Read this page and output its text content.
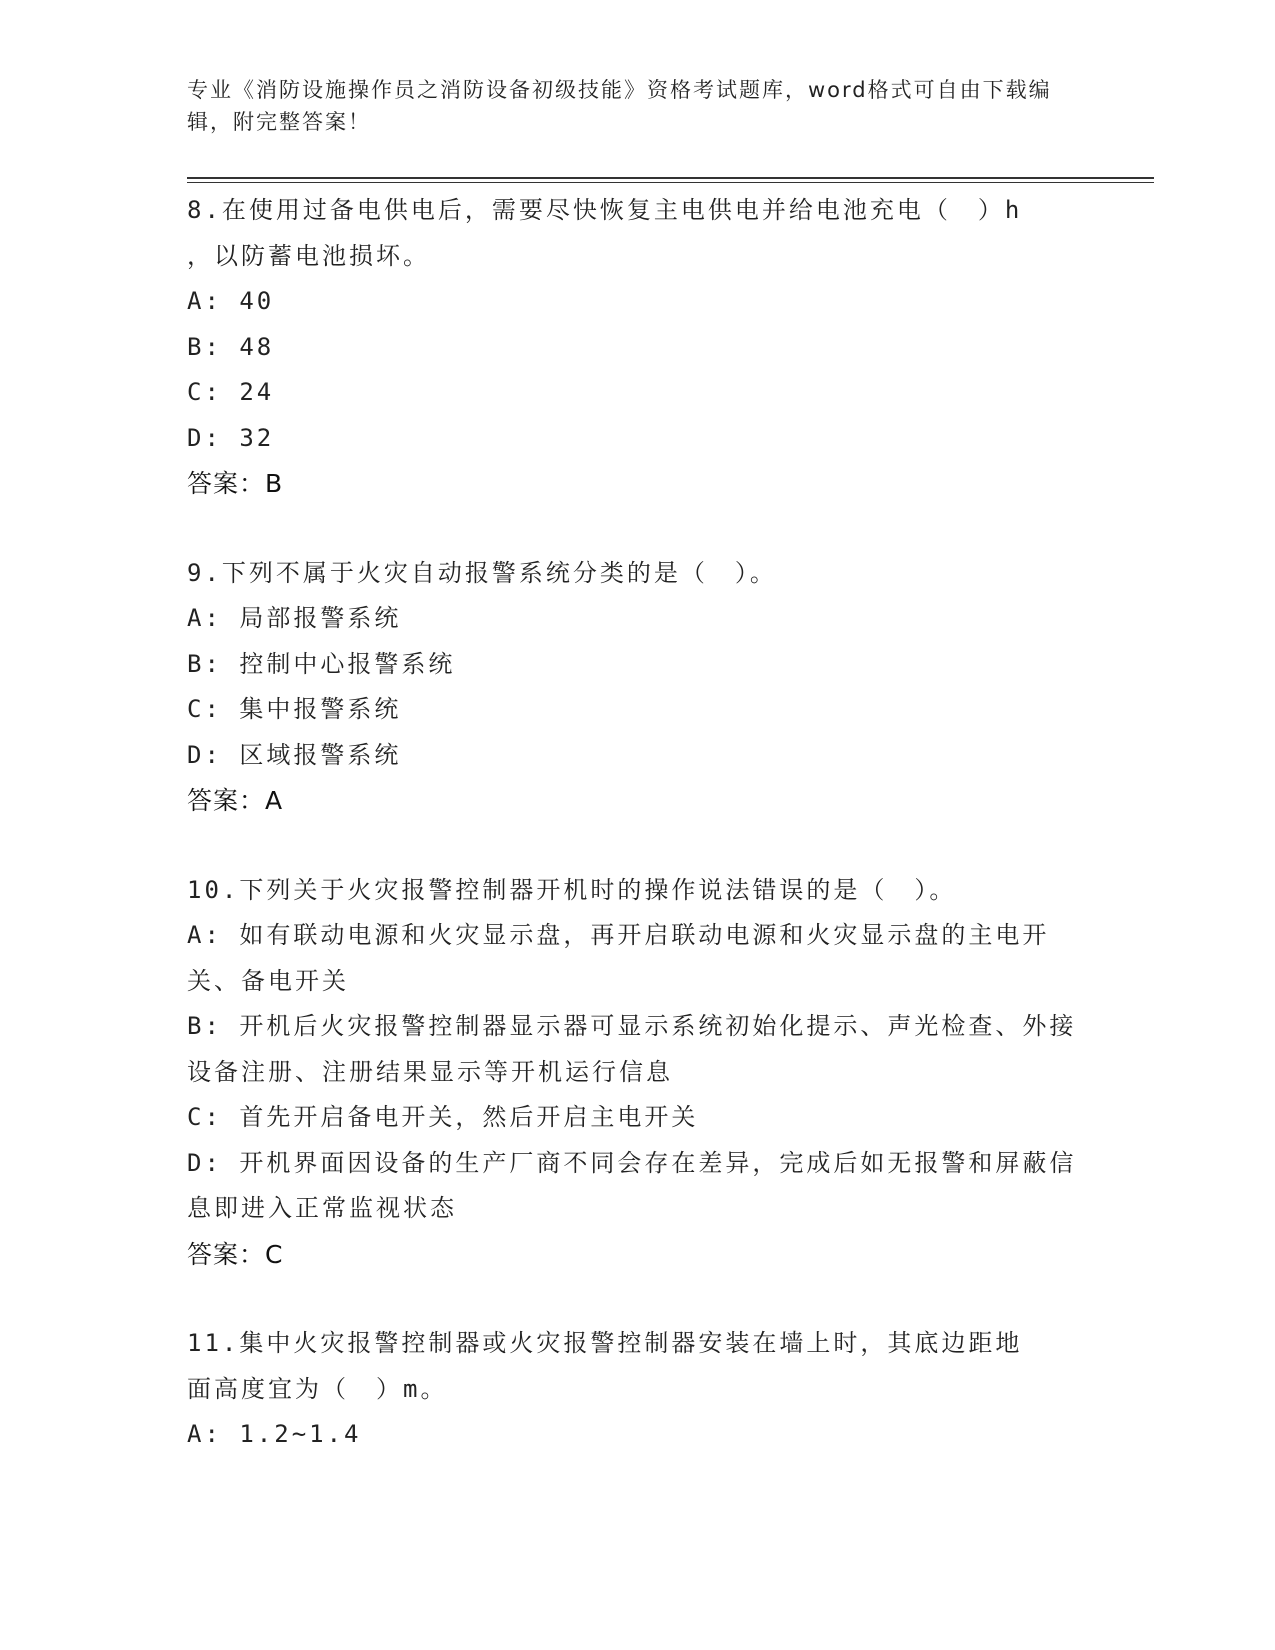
专业《消防设施操作员之消防设备初级技能》资格考试题库，word格式可自由下载编辑，附完整答案！
8.在使用过备电供电后，需要尽快恢复主电供电并给电池充电（　）h
，以防蓄电池损坏。
A: 40
B: 48
C: 24
D: 32
答案：B
9.下列不属于火灾自动报警系统分类的是（　）。
A: 局部报警系统
B: 控制中心报警系统
C: 集中报警系统
D: 区域报警系统
答案：A
10.下列关于火灾报警控制器开机时的操作说法错误的是（　）。
A: 如有联动电源和火灾显示盘，再开启联动电源和火灾显示盘的主电开关、备电开关
B: 开机后火灾报警控制器显示器可显示系统初始化提示、声光检查、外接设备注册、注册结果显示等开机运行信息
C: 首先开启备电开关，然后开启主电开关
D: 开机界面因设备的生产厂商不同会存在差异，完成后如无报警和屏蔽信息即进入正常监视状态
答案：C
11.集中火灾报警控制器或火灾报警控制器安装在墙上时，其底边距地
面高度宜为（　）m。
A: 1.2~1.4
